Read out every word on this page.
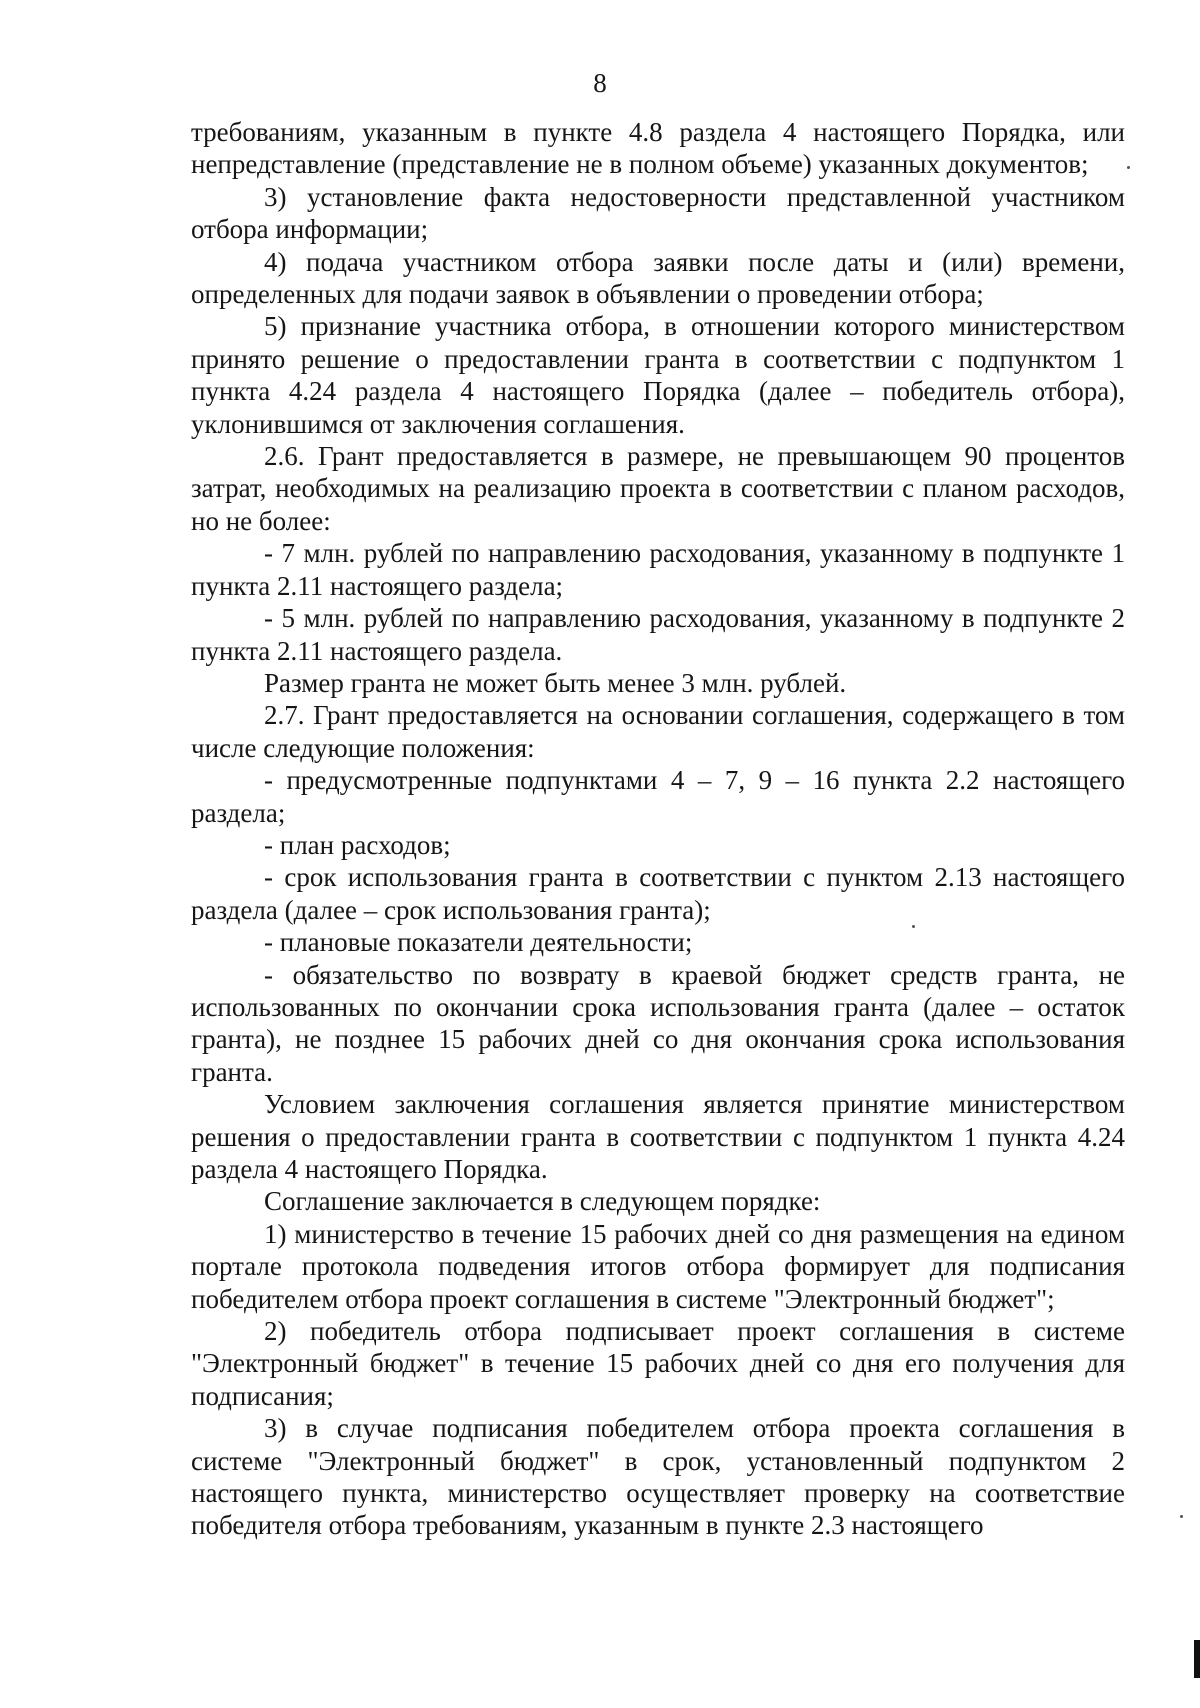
8

требованиям, указанным в пункте 4.8 раздела 4 настоящего Порядка, или непредставление (представление не в полном объеме) указанных документов;

3) установление факта недостоверности представленной участником отбора информации;

4) подача участником отбора заявки после даты и (или) времени, определенных для подачи заявок в объявлении о проведении отбора;

5) признание участника отбора, в отношении которого министерством принято решение о предоставлении гранта в соответствии с подпунктом 1 пункта 4.24 раздела 4 настоящего Порядка (далее – победитель отбора), уклонившимся от заключения соглашения.

2.6. Грант предоставляется в размере, не превышающем 90 процентов затрат, необходимых на реализацию проекта в соответствии с планом расходов, но не более:

- 7 млн. рублей по направлению расходования, указанному в подпункте 1 пункта 2.11 настоящего раздела;

- 5 млн. рублей по направлению расходования, указанному в подпункте 2 пункта 2.11 настоящего раздела.

Размер гранта не может быть менее 3 млн. рублей.

2.7. Грант предоставляется на основании соглашения, содержащего в том числе следующие положения:

- предусмотренные подпунктами 4 – 7, 9 – 16 пункта 2.2 настоящего раздела;

- план расходов;

- срок использования гранта в соответствии с пунктом 2.13 настоящего раздела (далее – срок использования гранта);

- плановые показатели деятельности;

- обязательство по возврату в краевой бюджет средств гранта, не использованных по окончании срока использования гранта (далее – остаток гранта), не позднее 15 рабочих дней со дня окончания срока использования гранта.

Условием заключения соглашения является принятие министерством решения о предоставлении гранта в соответствии с подпунктом 1 пункта 4.24 раздела 4 настоящего Порядка.

Соглашение заключается в следующем порядке:

1) министерство в течение 15 рабочих дней со дня размещения на едином портале протокола подведения итогов отбора формирует для подписания победителем отбора проект соглашения в системе "Электронный бюджет";

2) победитель отбора подписывает проект соглашения в системе "Электронный бюджет" в течение 15 рабочих дней со дня его получения для подписания;

3) в случае подписания победителем отбора проекта соглашения в системе "Электронный бюджет" в срок, установленный подпунктом 2 настоящего пункта, министерство осуществляет проверку на соответствие победителя отбора требованиям, указанным в пункте 2.3 настоящего
